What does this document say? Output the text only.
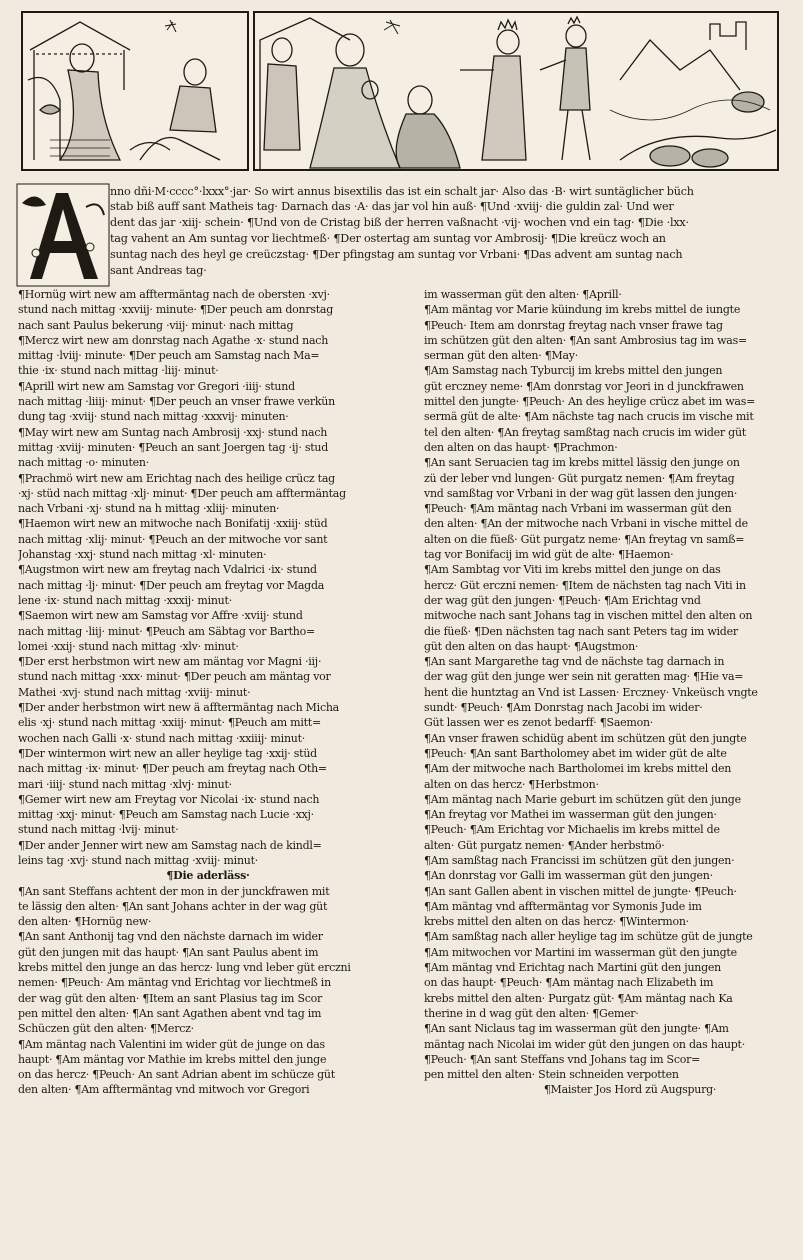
A
nno dñi·M·cccc°·lxxx°·jar· So wirt annus bisextilis das ist ein schalt jar· Also das ·B· wirt suntäglicher büch
stab biß auff sant Matheis tag· Darnach das ·A· das jar vol hin auß· ¶Und ·xviij· die guldin zal· Und wer
dent das jar ·xiij· schein· ¶Und von de Cristag biß der herren vaßnacht ·vij· wochen vnd ein tag· ¶Die ·lxx·
tag vahent an Am suntag vor liechtmeß· ¶Der ostertag am suntag vor Ambrosij· ¶Die kreücz woch an
suntag nach des heyl ge creüczstag· ¶Der pfingstag am suntag vor Vrbani· ¶Das advent am suntag nach
sant Andreas tag·
¶Hornüg wirt new am afftermäntag nach de obersten ·xvj·
stund nach mittag ·xxviij· minute· ¶Der peuch am donrstag
nach sant Paulus bekerung ·viij· minut· nach mittag
¶Mercz wirt new am donrstag nach Agathe ·x· stund nach
mittag ·lviij· minute· ¶Der peuch am Samstag nach Ma=
thie ·ix· stund nach mittag ·liij· minut·
¶Aprill wirt new am Samstag vor Gregori ·iiij· stund
nach mittag ·liiij· minut· ¶Der peuch an vnser frawe verkün
dung tag ·xviij· stund nach mittag ·xxxvij· minuten·
¶May wirt new am Suntag nach Ambrosij ·xxj· stund nach
mittag ·xviij· minuten· ¶Peuch an sant Joergen tag ·ij· stud
nach mittag ·o· minuten·
¶Prachmö wirt new am Erichtag nach des heilige crücz tag
·xj· stüd nach mittag ·xlj· minut· ¶Der peuch am afftermäntag
nach Vrbani ·xj· stund na h mittag ·xliij· minuten·
¶Haemon wirt new an mitwoche nach Bonifatij ·xxiij· stüd
nach mittag ·xlij· minut· ¶Peuch an der mitwoche vor sant
Johanstag ·xxj· stund nach mittag ·xl· minuten·
¶Augstmon wirt new am freytag nach Vdalrici ·ix· stund
nach mittag ·lj· minut· ¶Der peuch am freytag vor Magda
lene ·ix· stund nach mittag ·xxxij· minut·
¶Saemon wirt new am Samstag vor Affre ·xviij· stund
nach mittag ·liij· minut· ¶Peuch am Säbtag vor Bartho=
lomei ·xxij· stund nach mittag ·xlv· minut·
¶Der erst herbstmon wirt new am mäntag vor Magni ·iij·
stund nach mittag ·xxx· minut· ¶Der peuch am mäntag vor
Mathei ·xvj· stund nach mittag ·xviij· minut·
¶Der ander herbstmon wirt new ä afftermäntag nach Micha
elis ·xj· stund nach mittag ·xxiij· minut· ¶Peuch am mitt=
wochen nach Galli ·x· stund nach mittag ·xxiiij· minut·
¶Der wintermon wirt new an aller heylige tag ·xxij· stüd
nach mittag ·ix· minut· ¶Der peuch am freytag nach Oth=
mari ·iiij· stund nach mittag ·xlvj· minut·
¶Gemer wirt new am Freytag vor Nicolai ·ix· stund nach
mittag ·xxj· minut· ¶Peuch am Samstag nach Lucie ·xxj·
stund nach mittag ·lvij· minut·
¶Der ander Jenner wirt new am Samstag nach de kindl=
leins tag ·xvj· stund nach mittag ·xviij· minut·
¶Die aderläss·
¶An sant Steffans achtent der mon in der junckfrawen mit
te lässig den alten· ¶An sant Johans achter in der wag güt
den alten· ¶Hornüg new·
¶An sant Anthonij tag vnd den nächste darnach im wider
güt den jungen mit das haupt· ¶An sant Paulus abent im
krebs mittel den junge an das hercz· lung vnd leber güt erczni
nemen· ¶Peuch· Am mäntag vnd Erichtag vor liechtmeß in
der wag güt den alten· ¶Item an sant Plasius tag im Scor
pen mittel den alten· ¶An sant Agathen abent vnd tag im
Schüczen güt den alten· ¶Mercz·
¶Am mäntag nach Valentini im wider güt de junge on das
haupt· ¶Am mäntag vor Mathie im krebs mittel den junge
on das hercz· ¶Peuch· An sant Adrian abent im schücze güt
den alten· ¶Am afftermäntag vnd mitwoch vor Gregori
im wasserman güt den alten· ¶Aprill·
¶Am mäntag vor Marie küindung im krebs mittel de iungte
¶Peuch· Item am donrstag freytag nach vnser frawe tag
im schützen güt den alten· ¶An sant Ambrosius tag im was=
serman güt den alten· ¶May·
¶Am Samstag nach Tyburcij im krebs mittel den jungen
güt erczney neme· ¶Am donrstag vor Jeori in d junckfrawen
mittel den jungte· ¶Peuch· An des heylige crücz abet im was=
sermä güt de alte· ¶Am nächste tag nach crucis im vische mit
tel den alten· ¶An freytag samßtag nach crucis im wider güt
den alten on das haupt· ¶Prachmon·
¶An sant Seruacien tag im krebs mittel lässig den junge on
zü der leber vnd lungen· Güt purgatz nemen· ¶Am freytag
vnd samßtag vor Vrbani in der wag güt lassen den jungen·
¶Peuch· ¶Am mäntag nach Vrbani im wasserman güt den
den alten· ¶An der mitwoche nach Vrbani in vische mittel de
alten on die füeß· Güt purgatz neme· ¶An freytag vn samß=
tag vor Bonifacij im wid güt de alte· ¶Haemon·
¶Am Sambtag vor Viti im krebs mittel den junge on das
hercz· Güt erczni nemen· ¶Item de nächsten tag nach Viti in
der wag güt den jungen· ¶Peuch· ¶Am Erichtag vnd
mitwoche nach sant Johans tag in vischen mittel den alten on
die füeß· ¶Den nächsten tag nach sant Peters tag im wider
güt den alten on das haupt· ¶Augstmon·
¶An sant Margarethe tag vnd de nächste tag darnach in
der wag güt den junge wer sein nit geratten mag· ¶Hie va=
hent die huntztag an Vnd ist Lassen· Erczney· Vnkeüsch vngte
sundt· ¶Peuch· ¶Am Donrstag nach Jacobi im wider·
Güt lassen wer es zenot bedarff· ¶Saemon·
¶An vnser frawen schidüg abent im schützen güt den jungte
¶Peuch· ¶An sant Bartholomey abet im wider güt de alte
¶Am der mitwoche nach Bartholomei im krebs mittel den
alten on das hercz· ¶Herbstmon·
¶Am mäntag nach Marie geburt im schützen güt den junge
¶An freytag vor Mathei im wasserman güt den jungen·
¶Peuch· ¶Am Erichtag vor Michaelis im krebs mittel de
alten· Güt purgatz nemen· ¶Ander herbstmö·
¶Am samßtag nach Francissi im schützen güt den jungen·
¶An donrstag vor Galli im wasserman güt den jungen·
¶An sant Gallen abent in vischen mittel de jungte· ¶Peuch·
¶Am mäntag vnd afftermäntag vor Symonis Jude im
krebs mittel den alten on das hercz· ¶Wintermon·
¶Am samßtag nach aller heylige tag im schütze güt de jungte
¶Am mitwochen vor Martini im wasserman güt den jungte
¶Am mäntag vnd Erichtag nach Martini güt den jungen
on das haupt· ¶Peuch· ¶Am mäntag nach Elizabeth im
krebs mittel den alten· Purgatz güt· ¶Am mäntag nach Ka
therine in d wag güt den alten· ¶Gemer·
¶An sant Niclaus tag im wasserman güt den jungte· ¶Am
mäntag nach Nicolai im wider güt den jungen on das haupt·
¶Peuch· ¶An sant Steffans vnd Johans tag im Scor=
pen mittel den alten· Stein schneiden verpotten
¶Maister Jos Hord zü Augspurg·
